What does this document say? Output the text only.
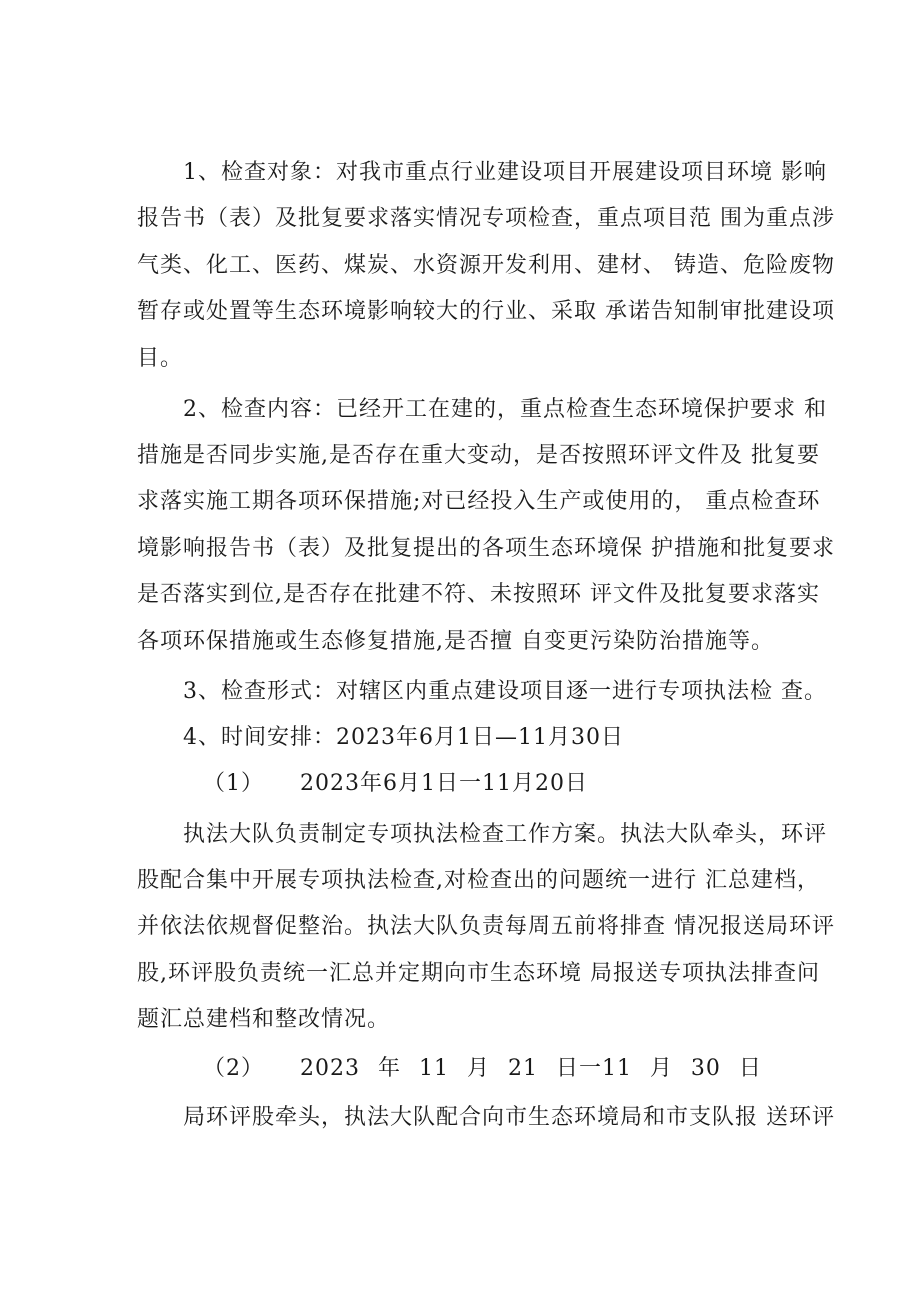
1、检查对象：对我市重点行业建设项目开展建设项目环境 影响
报告书（表）及批复要求落实情况专项检查，重点项目范 围为重点涉
气类、化工、医药、煤炭、水资源开发利用、建材、 铸造、危险废物
暂存或处置等生态环境影响较大的行业、采取 承诺告知制审批建设项
目。
2、检查内容：已经开工在建的，重点检查生态环境保护要求 和
措施是否同步实施,是否存在重大变动，是否按照环评文件及 批复要
求落实施工期各项环保措施;对已经投入生产或使用的， 重点检查环
境影响报告书（表）及批复提出的各项生态环境保 护措施和批复要求
是否落实到位,是否存在批建不符、未按照环 评文件及批复要求落实
各项环保措施或生态修复措施,是否擅 自变更污染防治措施等。
3、检查形式：对辖区内重点建设项目逐一进行专项执法检 查。
4、时间安排：2023年6月1日—11月30日
（1） 2023年6月1日一11月20日
执法大队负责制定专项执法检查工作方案。执法大队牵头，环评
股配合集中开展专项执法检查,对检查出的问题统一进行 汇总建档，
并依法依规督促整治。执法大队负责每周五前将排查 情况报送局环评
股,环评股负责统一汇总并定期向市生态环境 局报送专项执法排查问
题汇总建档和整改情况。
（2） 2023 年 11 月 21 日一11 月 30 日
局环评股牵头，执法大队配合向市生态环境局和市支队报 送环评
